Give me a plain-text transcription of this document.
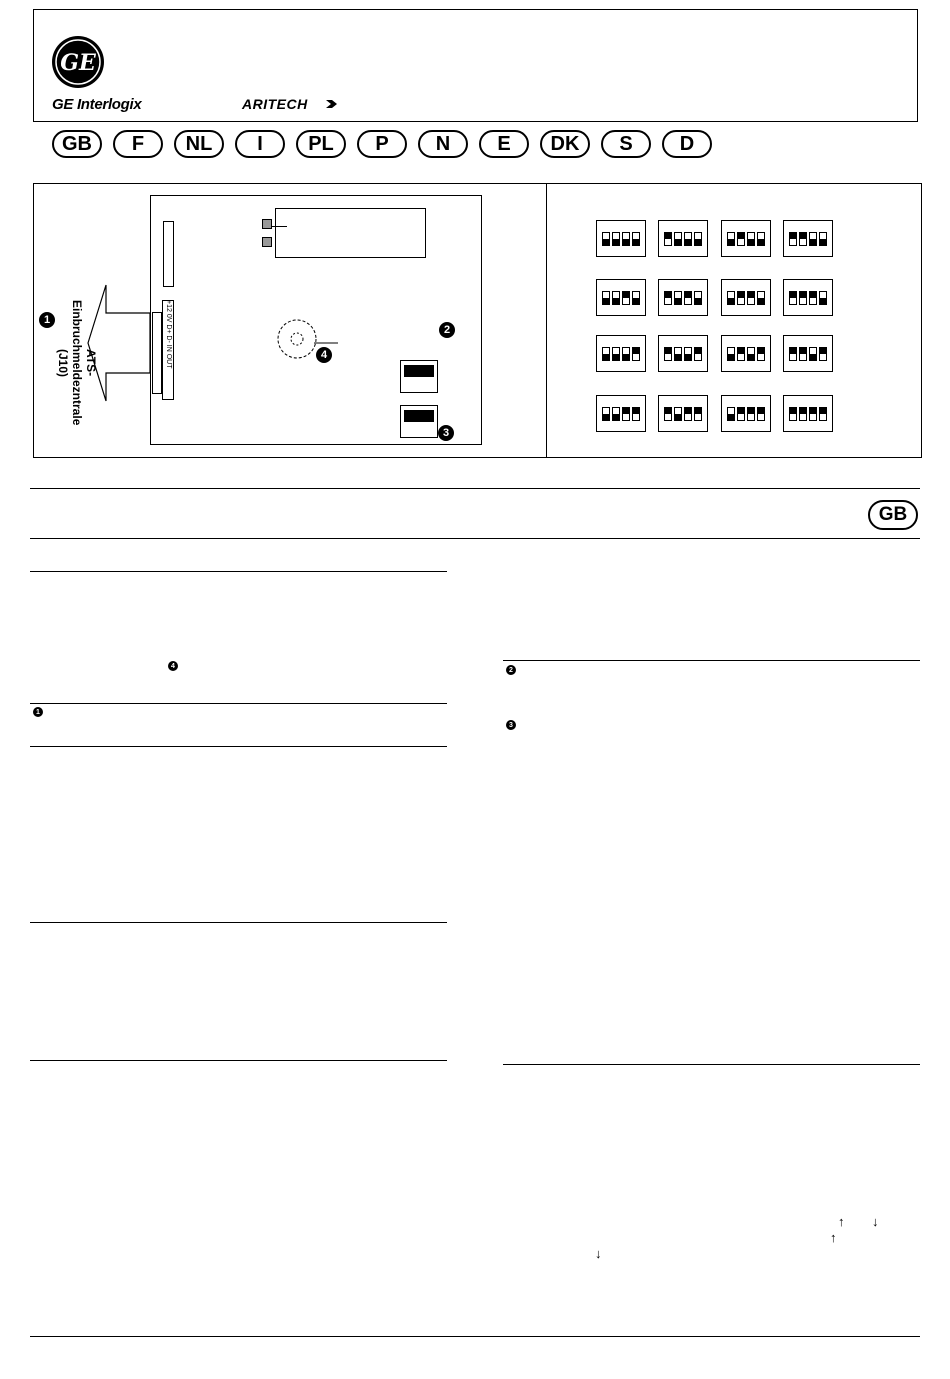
GE
GE Interlogix	ARITECH
GB	F	NL	I	PL	P	N	E	DK	S	D
ATS-
Einbruchmeldezntrale
(J10)
1	+12 0V D+ D- IN OUT	4
2
3
GB
4
1
2
3
↑ ↓
↑
↓
